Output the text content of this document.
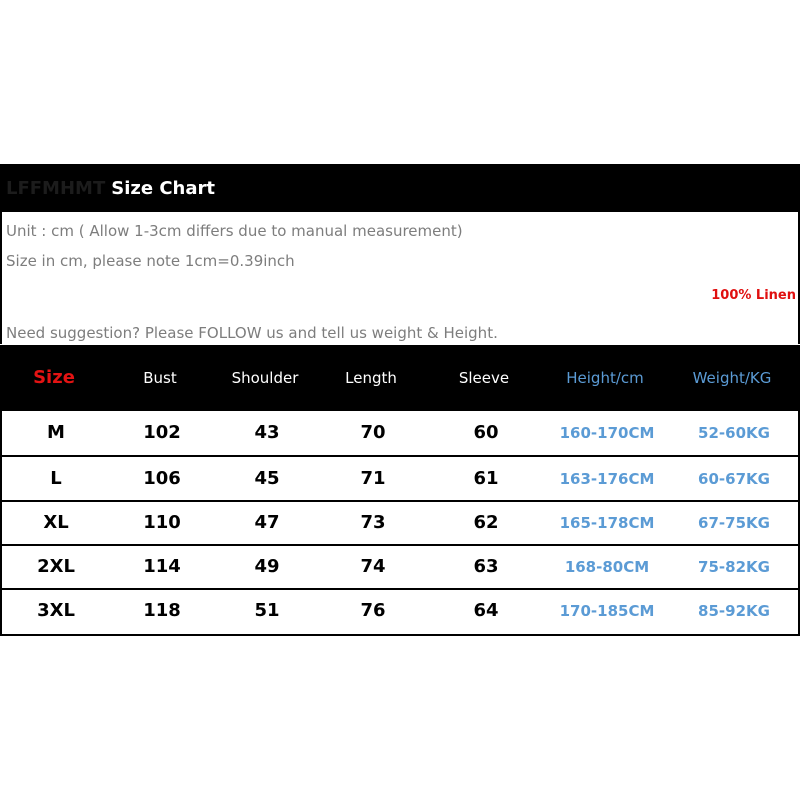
LFFMHMT Size Chart
Unit : cm ( Allow 1-3cm differs due to manual measurement)
Size in cm, please note 1cm=0.39inch
100% Linen
Need suggestion? Please FOLLOW us and tell us weight & Height.
Size	Bust	Shoulder	Length	Sleeve	Height/cm	Weight/KG
M	102	43	70	60	160-170CM	52-60KG
L	106	45	71	61	163-176CM	60-67KG
XL	110	47	73	62	165-178CM	67-75KG
2XL	114	49	74	63	168-80CM	75-82KG
3XL	118	51	76	64	170-185CM	85-92KG
